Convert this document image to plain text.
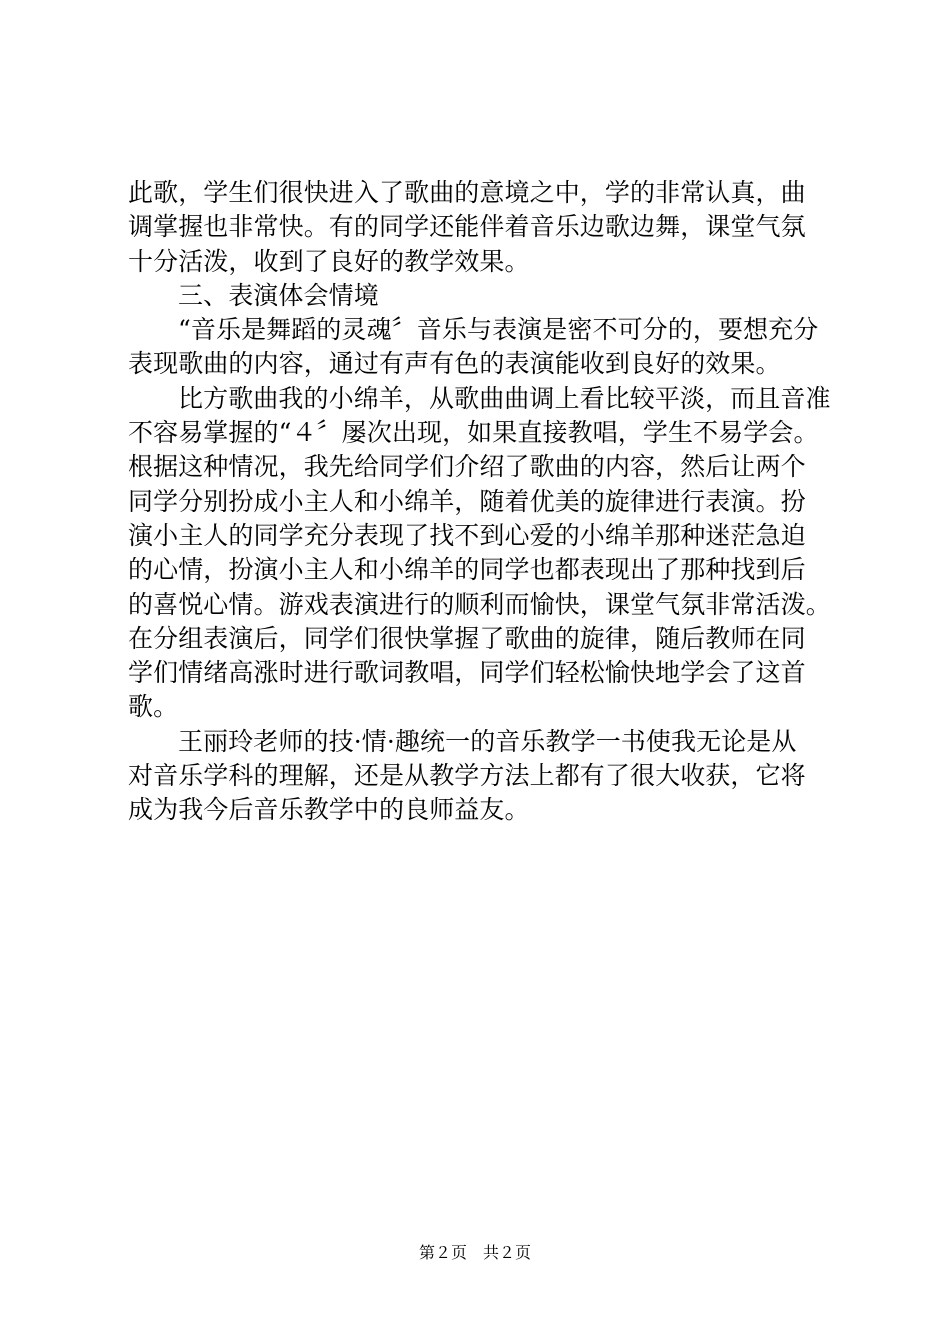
此歌，学生们很快进入了歌曲的意境之中，学的非常认真，曲
调掌握也非常快。有的同学还能伴着音乐边歌边舞，课堂气氛
十分活泼，收到了良好的教学效果。
三、表演体会情境
“音乐是舞蹈的灵魂〞音乐与表演是密不可分的，要想充分
表现歌曲的内容，通过有声有色的表演能收到良好的效果。
比方歌曲我的小绵羊，从歌曲曲调上看比较平淡，而且音准
不容易掌握的“４〞屡次出现，如果直接教唱，学生不易学会。
根据这种情况，我先给同学们介绍了歌曲的内容，然后让两个
同学分别扮成小主人和小绵羊，随着优美的旋律进行表演。扮
演小主人的同学充分表现了找不到心爱的小绵羊那种迷茫急迫
的心情，扮演小主人和小绵羊的同学也都表现出了那种找到后
的喜悦心情。游戏表演进行的顺利而愉快，课堂气氛非常活泼。
在分组表演后，同学们很快掌握了歌曲的旋律，随后教师在同
学们情绪高涨时进行歌词教唱，同学们轻松愉快地学会了这首
歌。
王丽玲老师的技·情·趣统一的音乐教学一书使我无论是从
对音乐学科的理解，还是从教学方法上都有了很大收获，它将
成为我今后音乐教学中的良师益友。
第２页　共２页
